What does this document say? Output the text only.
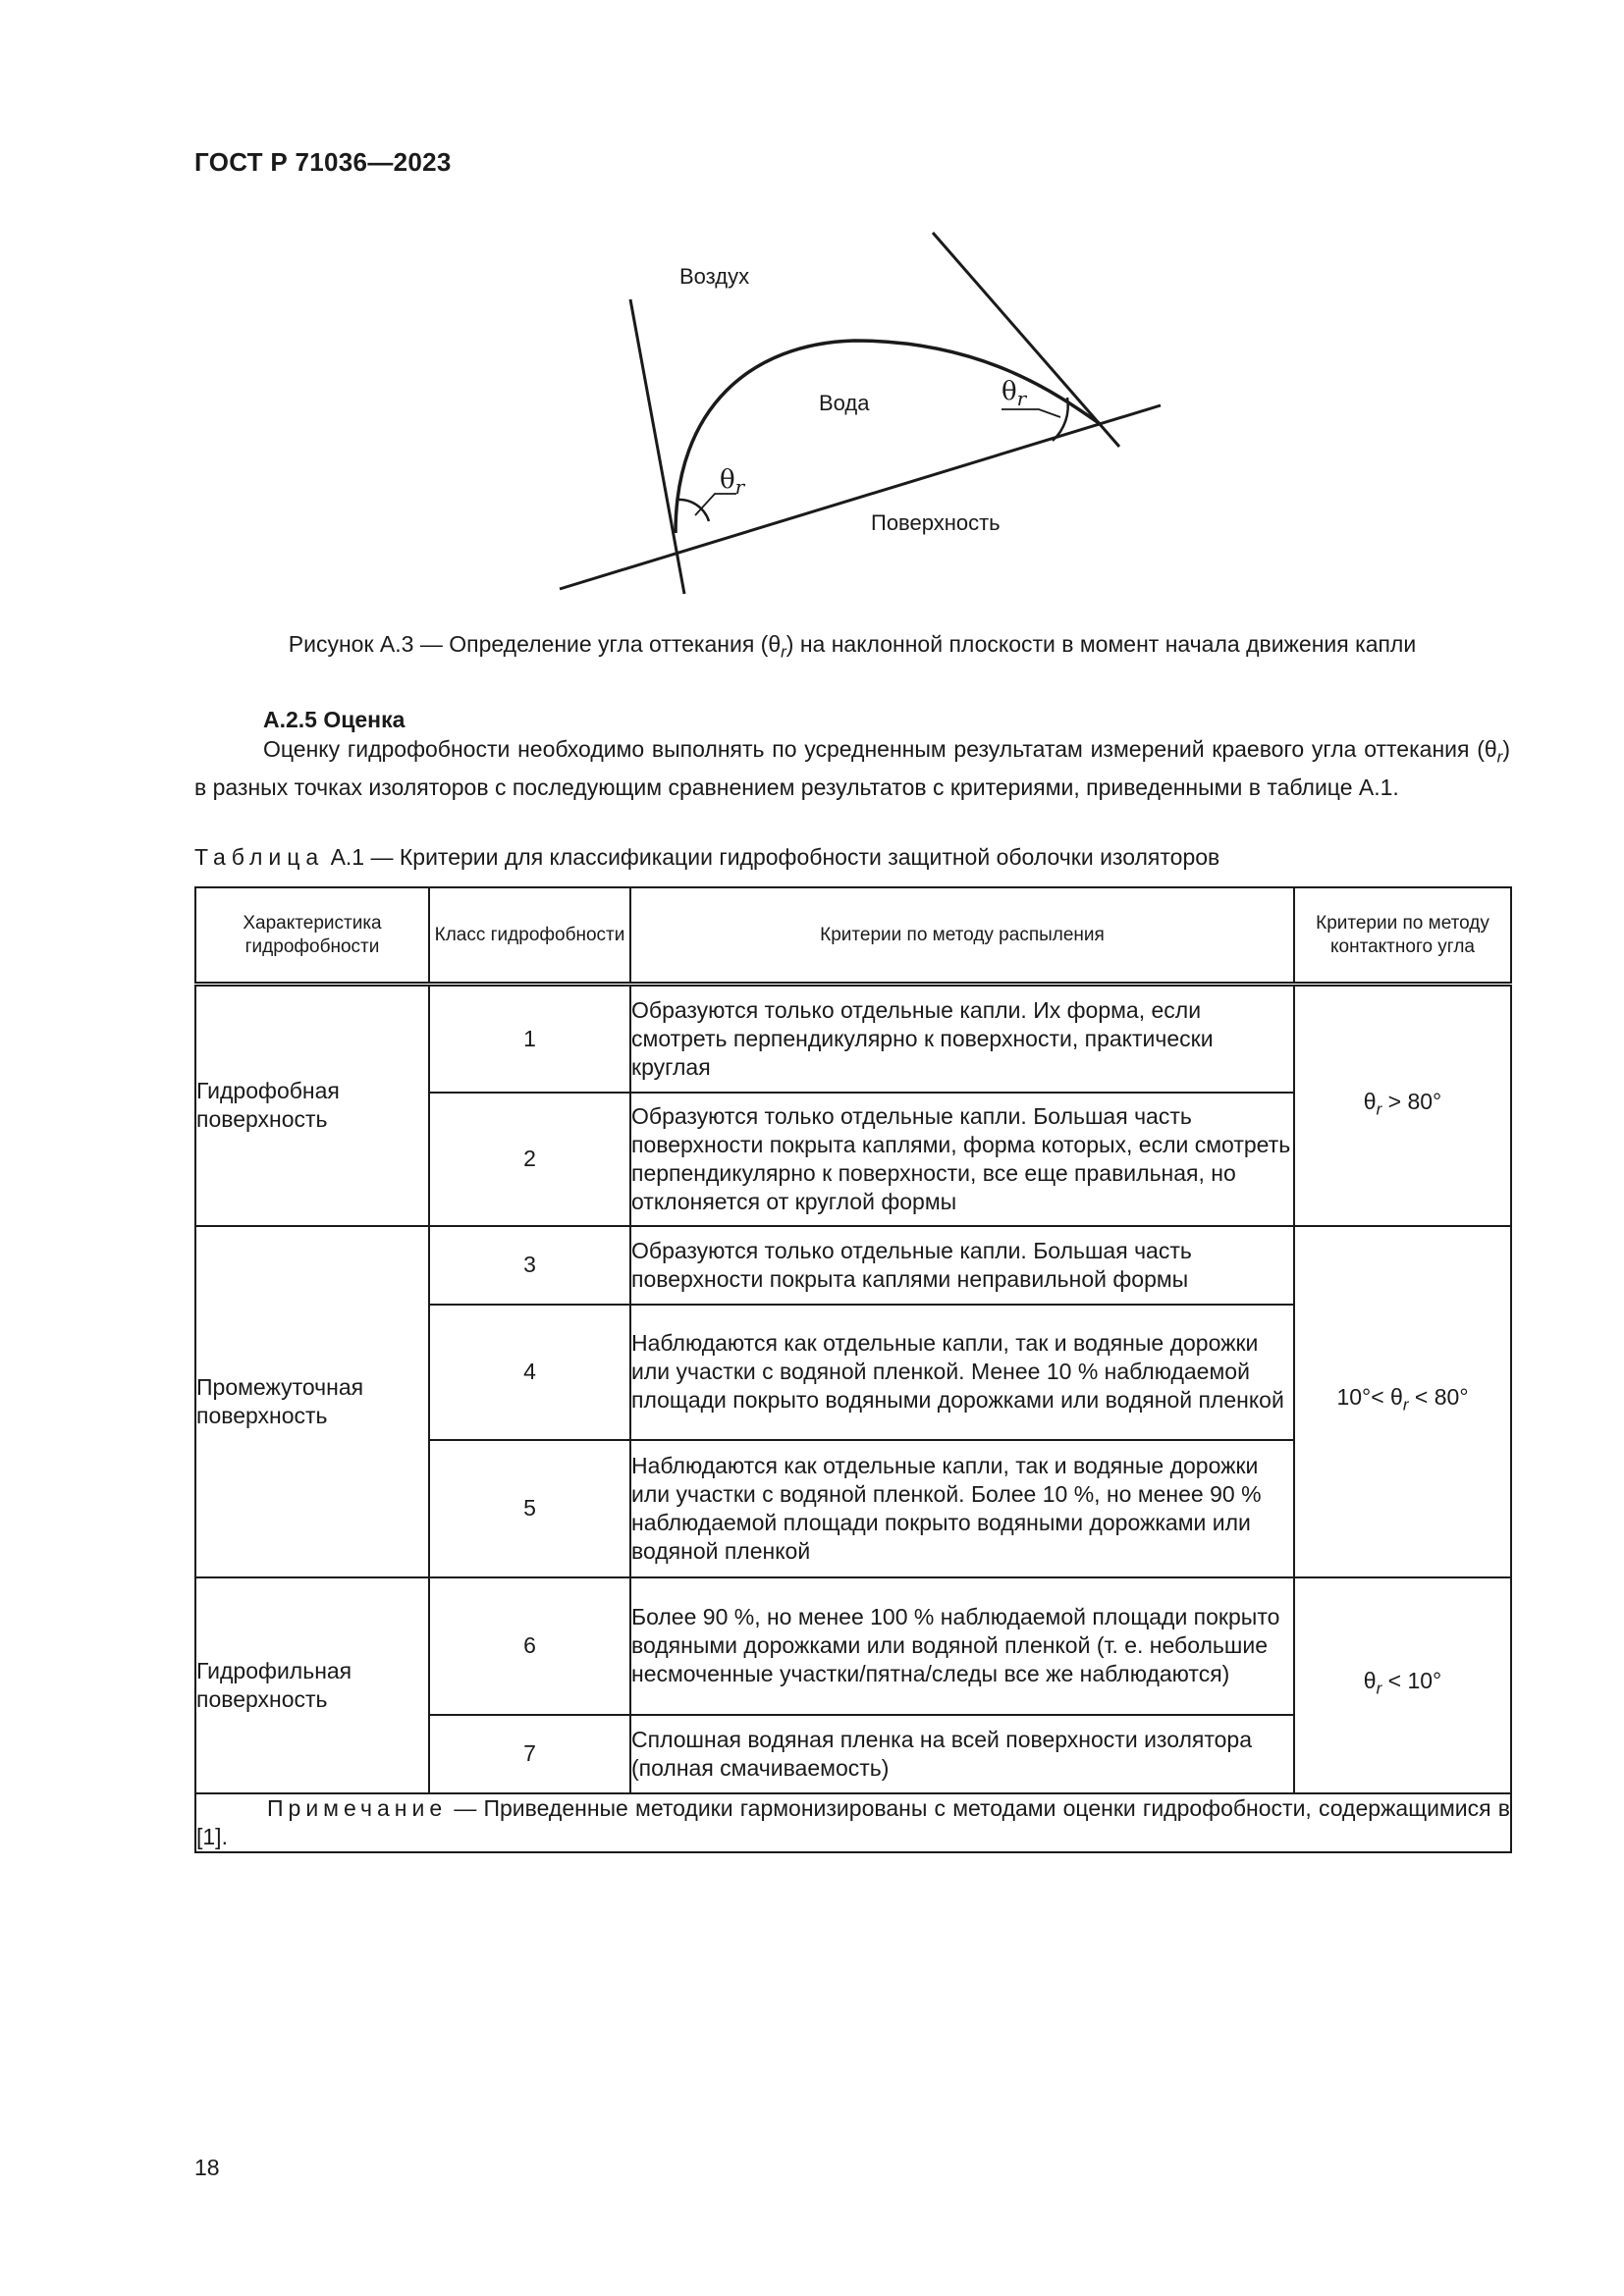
ГОСТ Р 71036—2023
Воздух
Вода
Поверхность
$\theta_r$
$\theta_r$
Рисунок А.3 — Определение угла оттекания $(\theta_r)$ на наклонной плоскости в момент начала движения капли
А.2.5 Оценка
Оценку гидрофобности необходимо выполнять по усредненным результатам измерений краевого угла оттекания $(\theta_r)$ в разных точках изоляторов с последующим сравнением результатов с критериями, приведенными в таблице А.1.
Таблица А.1 — Критерии для классификации гидрофобности защитной оболочки изоляторов
Характеристика гидрофобности	Класс гидрофобности	Критерии по методу распыления	Критерии по методу контактного угла
Гидрофобная поверхность	1	Образуются только отдельные капли. Их форма, если смотреть перпендикулярно к поверхности, практически круглая	$\theta_r > 80^\circ$
	2	Образуются только отдельные капли. Большая часть поверхности покрыта каплями, форма которых, если смотреть перпендикулярно к поверхности, все еще правильная, но отклоняется от круглой формы	
Промежуточная поверхность	3	Образуются только отдельные капли. Большая часть поверхности покрыта каплями неправильной формы	$10^\circ< \theta_r < 80^\circ$
	4	Наблюдаются как отдельные капли, так и водяные дорожки или участки с водяной пленкой. Менее 10 % наблюдаемой площади покрыто водяными дорожками или водяной пленкой	
	5	Наблюдаются как отдельные капли, так и водяные дорожки или участки с водяной пленкой. Более 10 %, но менее 90 % наблюдаемой площади покрыто водяными дорожками или водяной пленкой	
Гидрофильная поверхность	6	Более 90 %, но менее 100 % наблюдаемой площади покрыто водяными дорожками или водяной пленкой (т. е. небольшие несмоченные участки/пятна/следы все же наблюдаются)	$\theta_r < 10^\circ$
	7	Сплошная водяная пленка на всей поверхности изолятора (полная смачиваемость)	
Примечание — Приведенные методики гармонизированы с методами оценки гидрофобности, содержащимися в [1].			
18
